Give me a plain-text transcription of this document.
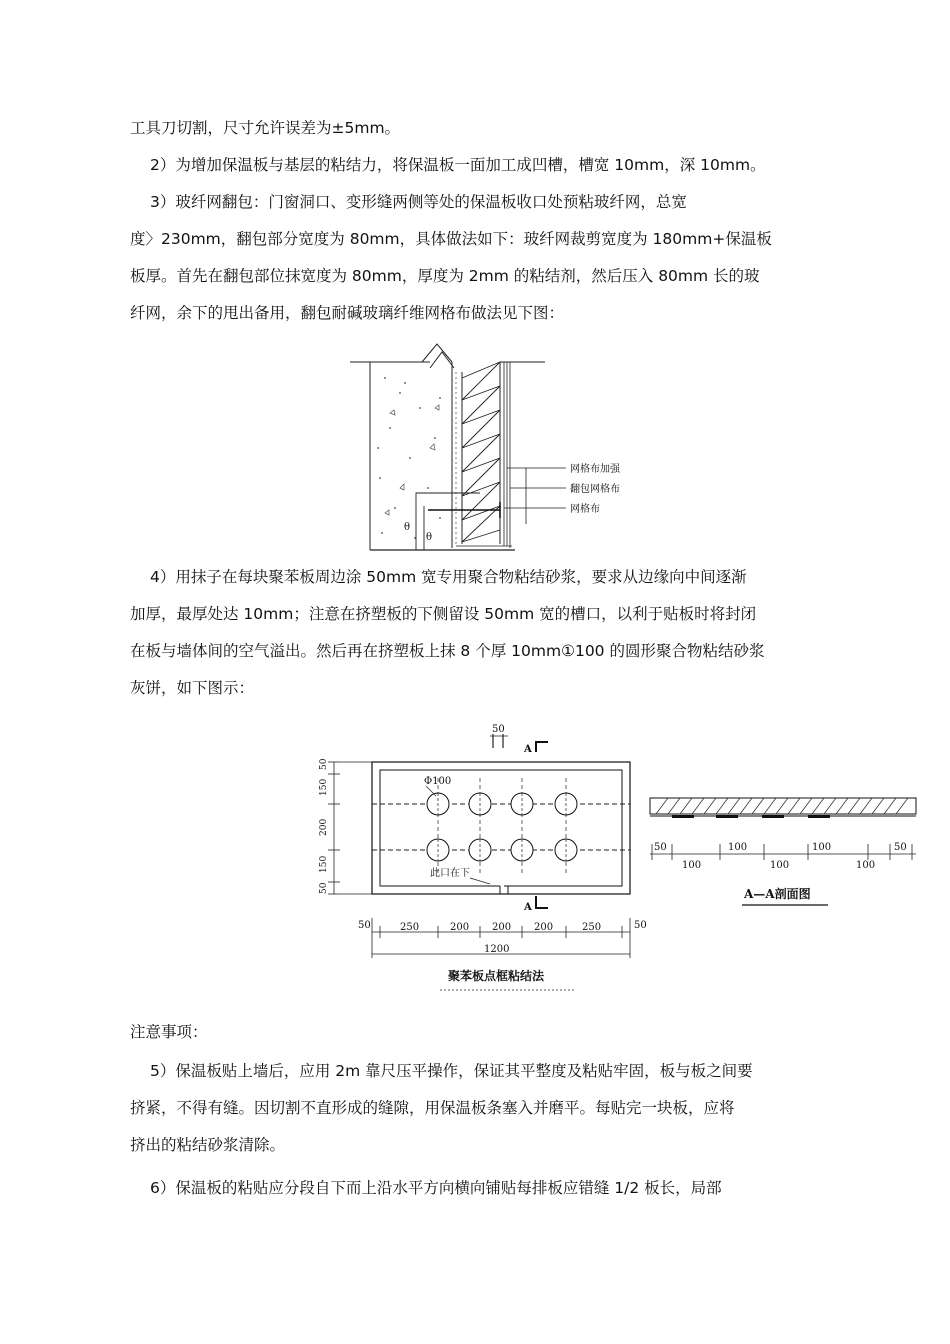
工具刀切割，尺寸允许误差为±5mm。
2）为增加保温板与基层的粘结力，将保温板一面加工成凹槽，槽宽 10mm，深 10mm。
3）玻纤网翻包：门窗洞口、变形缝两侧等处的保温板收口处预粘玻纤网，总宽
度〉230mm，翻包部分宽度为 80mm，具体做法如下：玻纤网裁剪宽度为 180mm+保温板
板厚。首先在翻包部位抹宽度为 80mm，厚度为 2mm 的粘结剂，然后压入 80mm 长的玻
纤网，余下的甩出备用，翻包耐碱玻璃纤维网格布做法见下图：
θ
θ
网格布加强
翻包网格布
网格布
4）用抹子在每块聚苯板周边涂 50mm 宽专用聚合物粘结砂浆，要求从边缘向中间逐渐
加厚，最厚处达 10mm；注意在挤塑板的下侧留设 50mm 宽的槽口，以利于贴板时将封闭
在板与墙体间的空气溢出。然后再在挤塑板上抹 8 个厚 10mm①100 的圆形聚合物粘结砂浆
灰饼，如下图示：
50
A
A
此口在下
Φ100
50
150
200
150
50
50	250	200 200 200	250	50
1200
聚苯板点框粘结法
50	100	100	50
100	100	100
A—A剖面图
注意事项：
5）保温板贴上墙后，应用 2m 靠尺压平操作，保证其平整度及粘贴牢固，板与板之间要
挤紧，不得有缝。因切割不直形成的缝隙，用保温板条塞入并磨平。每贴完一块板，应将
挤出的粘结砂浆清除。
6）保温板的粘贴应分段自下而上沿水平方向横向铺贴每排板应错缝 1/2 板长，局部
